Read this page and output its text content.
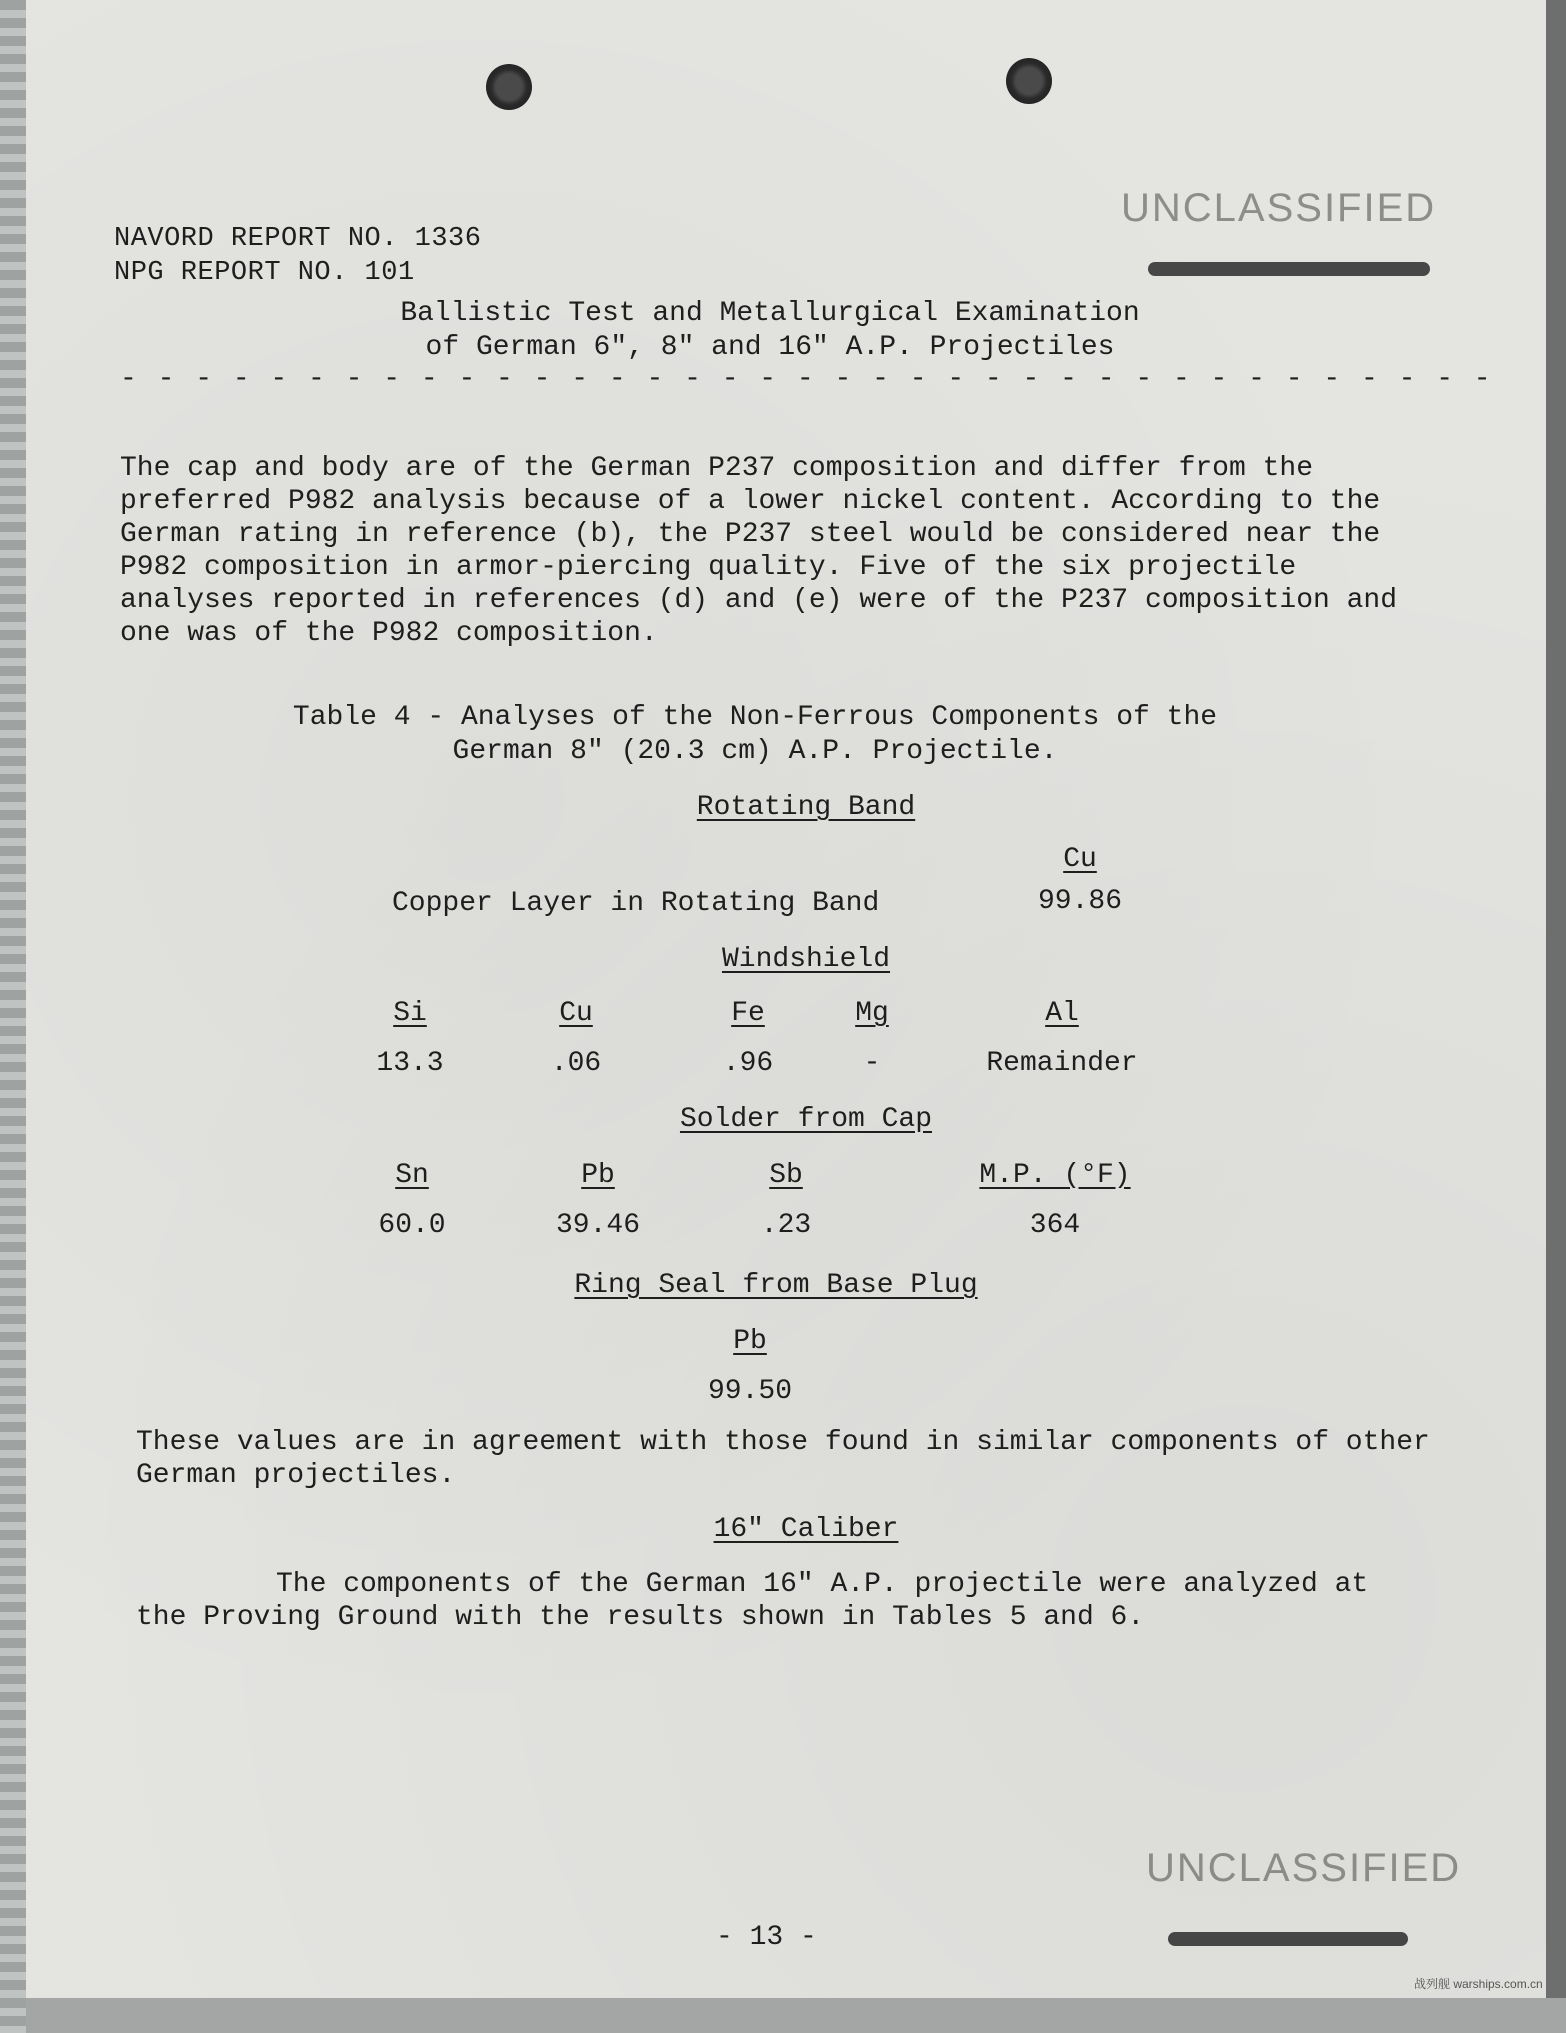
UNCLASSIFIED
NAVORD REPORT NO. 1336
NPG REPORT NO. 101
Ballistic Test and Metallurgical Examination
of German 6", 8" and 16" A.P. Projectiles
- - - - - - - - - - - - - - - - - - - - - - - - - - - - - - - - - - - - -
The cap and body are of the German P237 composition and differ from the preferred P982 analysis because of a lower nickel content. According to the German rating in reference (b), the P237 steel would be considered near the P982 composition in armor-piercing quality. Five of the six projectile analyses reported in references (d) and (e) were of the P237 composition and one was of the P982 composition.
Table 4 - Analyses of the Non-Ferrous Components of the
German 8" (20.3 cm) A.P. Projectile.
Rotating Band
Cu
Copper Layer in Rotating Band	99.86
Windshield
Si	Cu	Fe	Mg	Al
13.3	.06	.96	-	Remainder
Solder from Cap
Sn	Pb	Sb	M.P. (°F)
60.0	39.46	.23	364
Ring Seal from Base Plug
Pb
99.50
These values are in agreement with those found in similar components of other German projectiles.
16" Caliber
The components of the German 16" A.P. projectile were analyzed at the Proving Ground with the results shown in Tables 5 and 6.
UNCLASSIFIED
- 13 -
战列舰 warships.com.cn
